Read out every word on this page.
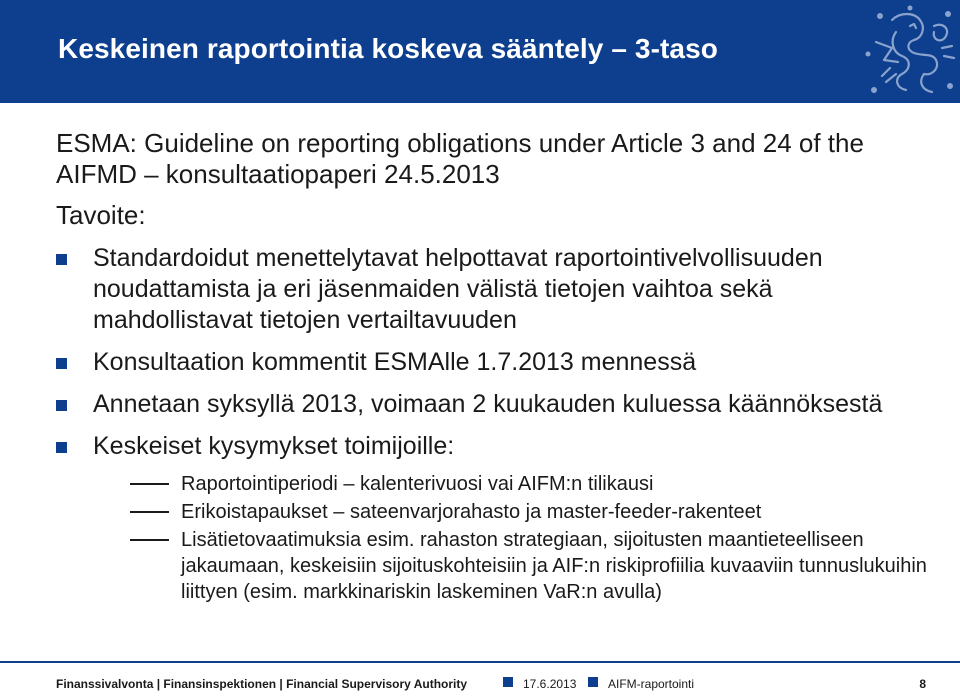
Keskeinen raportointia koskeva sääntely – 3-taso

ESMA: Guideline on reporting obligations under Article 3 and 24 of the
AIFMD – konsultaatiopaperi 24.5.2013

Tavoite:
Standardoidut menettelytavat helpottavat raportointivelvollisuuden noudattamista ja eri jäsenmaiden välistä tietojen vaihtoa sekä mahdollistavat tietojen vertailtavuuden
Konsultaation kommentit ESMAlle 1.7.2013 mennessä
Annetaan syksyllä 2013, voimaan 2 kuukauden kuluessa käännöksestä
Keskeiset kysymykset toimijoille:
Raportointiperiodi – kalenterivuosi vai AIFM:n tilikausi
Erikoistapaukset – sateenvarjorahasto ja master-feeder-rakenteet
Lisätietovaatimuksia esim. rahaston strategiaan, sijoitusten maantieteelliseen jakaumaan, keskeisiin sijoituskohteisiin ja AIF:n riskiprofiilia kuvaaviin tunnuslukuihin liittyen (esim. markkinariskin laskeminen VaR:n avulla)
Finanssivalvonta | Finansinspektionen | Financial Supervisory Authority	17.6.2013	AIFM-raportointi	8
